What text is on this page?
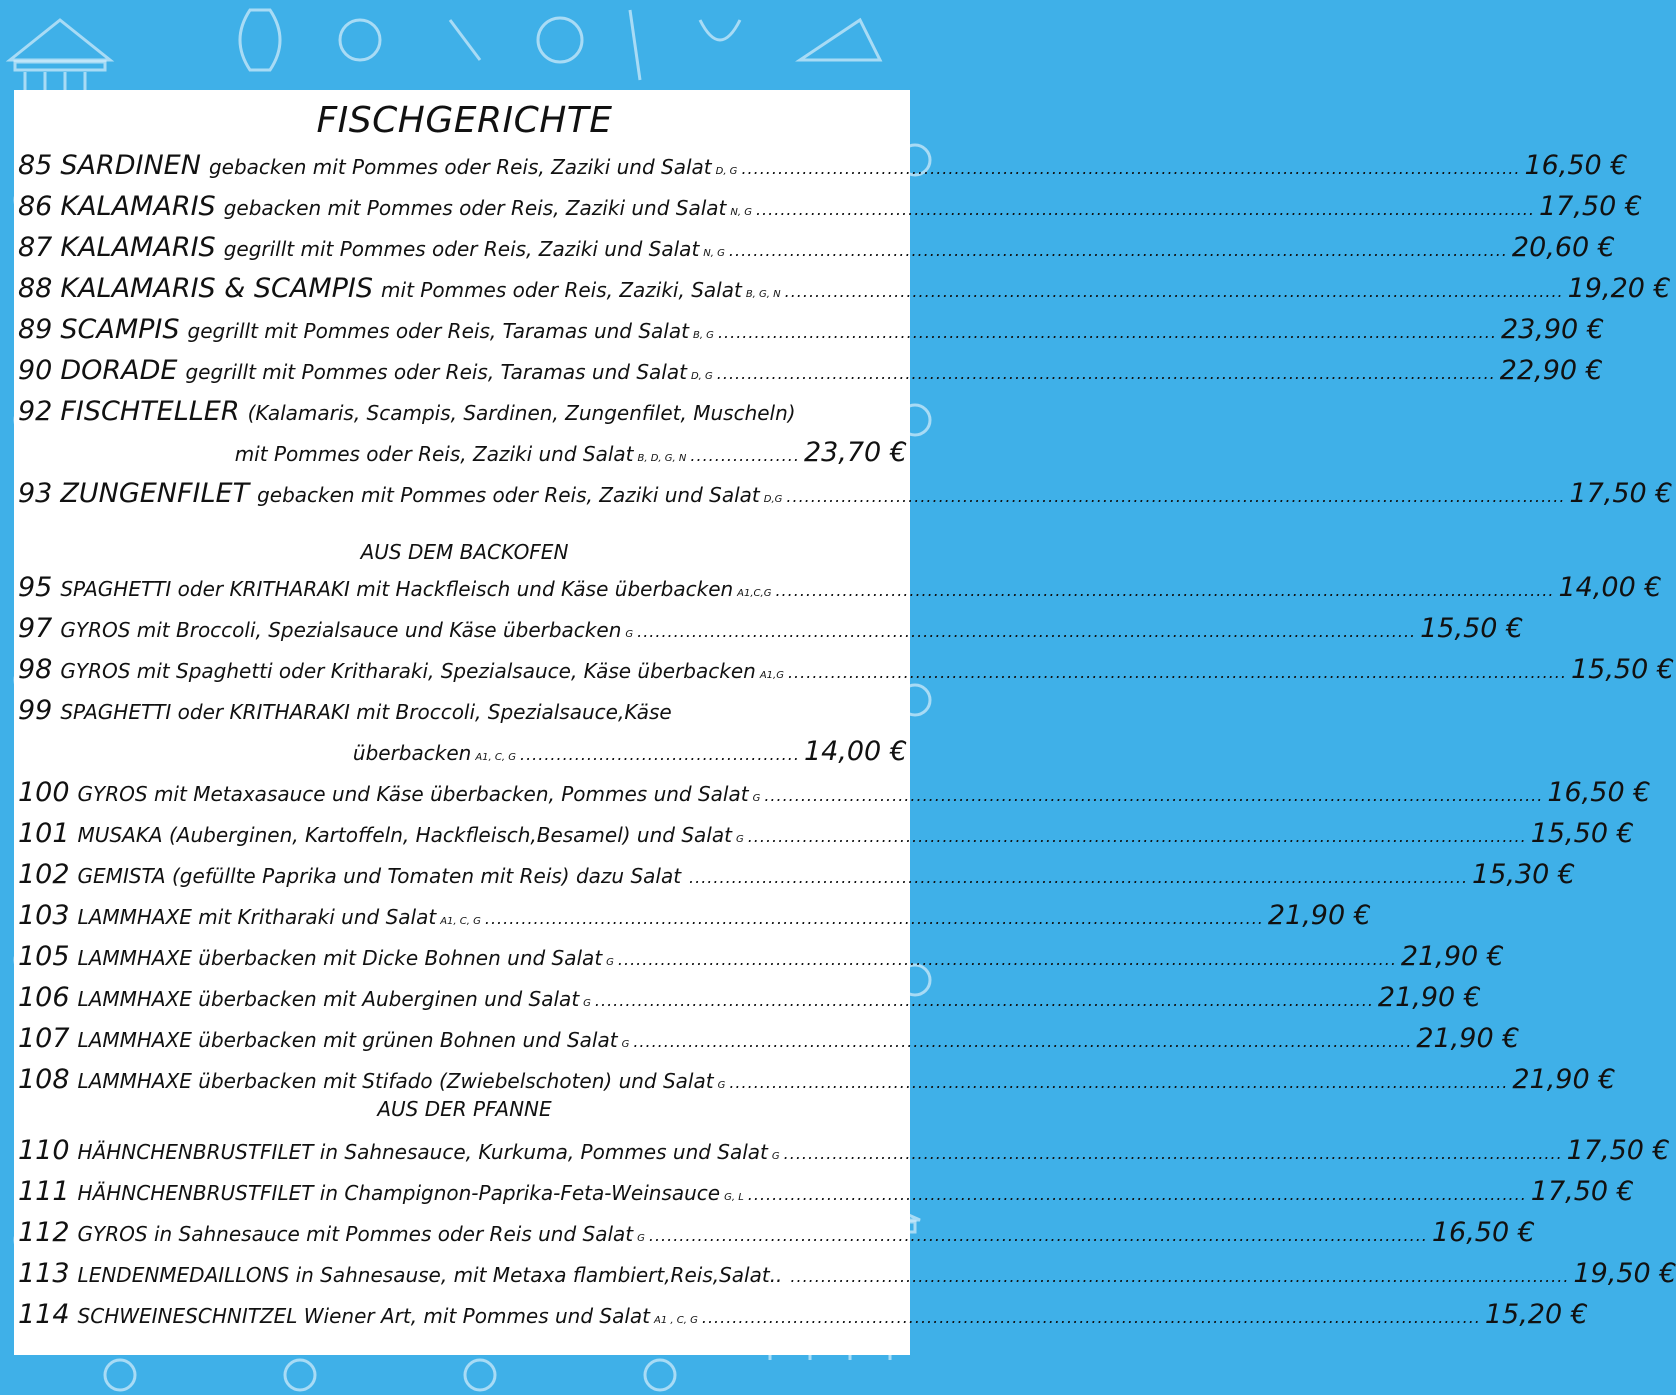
FISCHGERICHTE
85 SARDINEN gebacken mit Pommes oder Reis, Zaziki und Salat D, G ................................................................................................................................ 16,50 €
86 KALAMARIS gebacken mit Pommes oder Reis, Zaziki und Salat N, G ................................................................................................................................ 17,50 €
87 KALAMARIS gegrillt mit Pommes oder Reis, Zaziki und Salat N, G ................................................................................................................................ 20,60 €
88 KALAMARIS & SCAMPIS mit Pommes oder Reis, Zaziki, Salat B, G, N ................................................................................................................................ 19,20 €
89 SCAMPIS gegrillt mit Pommes oder Reis, Taramas und Salat B, G ................................................................................................................................ 23,90 €
90 DORADE gegrillt mit Pommes oder Reis, Taramas und Salat D, G ................................................................................................................................ 22,90 €
92 FISCHTELLER (Kalamaris, Scampis, Sardinen, Zungenfilet, Muscheln)
mit Pommes oder Reis, Zaziki und Salat B, D, G, N .................. 23,70 €
93 ZUNGENFILET gebacken mit Pommes oder Reis, Zaziki und Salat D,G ................................................................................................................................ 17,50 €
AUS DEM BACKOFEN
95 SPAGHETTI oder KRITHARAKI mit Hackfleisch und Käse überbacken A1,C,G ................................................................................................................................ 14,00 €
97 GYROS mit Broccoli, Spezialsauce und Käse überbacken G ................................................................................................................................ 15,50 €
98 GYROS mit Spaghetti oder Kritharaki, Spezialsauce, Käse überbacken A1,G ................................................................................................................................ 15,50 €
99 SPAGHETTI oder KRITHARAKI mit Broccoli, Spezialsauce,Käse
überbacken A1, C, G .............................................. 14,00 €
100 GYROS mit Metaxasauce und Käse überbacken, Pommes und Salat G ................................................................................................................................ 16,50 €
101 MUSAKA (Auberginen, Kartoffeln, Hackfleisch,Besamel) und Salat G ................................................................................................................................ 15,50 €
102 GEMISTA (gefüllte Paprika und Tomaten mit Reis) dazu Salat ................................................................................................................................ 15,30 €
103 LAMMHAXE mit Kritharaki und Salat A1, C, G ................................................................................................................................ 21,90 €
105 LAMMHAXE überbacken mit Dicke Bohnen und Salat G ................................................................................................................................ 21,90 €
106 LAMMHAXE überbacken mit Auberginen und Salat G ................................................................................................................................ 21,90 €
107 LAMMHAXE überbacken mit grünen Bohnen und Salat G ................................................................................................................................ 21,90 €
108 LAMMHAXE überbacken mit Stifado (Zwiebelschoten) und Salat G ................................................................................................................................ 21,90 €
AUS DER PFANNE
110 HÄHNCHENBRUSTFILET in Sahnesauce, Kurkuma, Pommes und Salat G ................................................................................................................................ 17,50 €
111 HÄHNCHENBRUSTFILET in Champignon-Paprika-Feta-Weinsauce G, L ................................................................................................................................ 17,50 €
112 GYROS in Sahnesauce mit Pommes oder Reis und Salat G ................................................................................................................................ 16,50 €
113 LENDENMEDAILLONS in Sahnesause, mit Metaxa flambiert,Reis,Salat.. ................................................................................................................................ 19,50 €
114 SCHWEINESCHNITZEL Wiener Art, mit Pommes und Salat A1 , C, G ................................................................................................................................ 15,20 €
